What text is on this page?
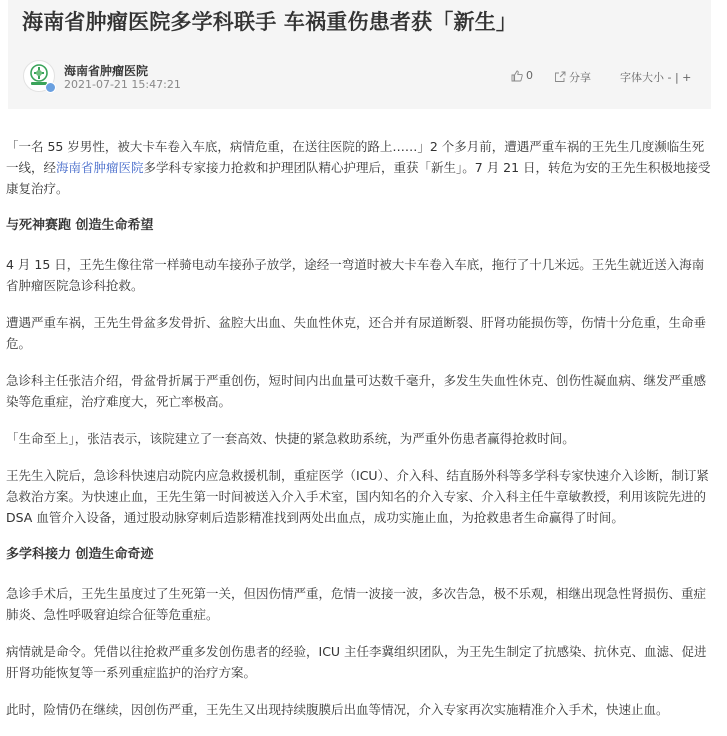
海南省肿瘤医院多学科联手 车祸重伤患者获「新生」
海南省肿瘤医院
2021-07-21 15:47:21
0	分享	字体大小 - | +

「一名 55 岁男性，被大卡车卷入车底，病情危重，在送往医院的路上……」2 个多月前，遭遇严重车祸的王先生几度濒临生死一线，经海南省肿瘤医院多学科专家接力抢救和护理团队精心护理后，重获「新生」。7 月 21 日，转危为安的王先生积极地接受康复治疗。

与死神赛跑 创造生命希望

4 月 15 日，王先生像往常一样骑电动车接孙子放学，途经一弯道时被大卡车卷入车底，拖行了十几米远。王先生就近送入海南省肿瘤医院急诊科抢救。

遭遇严重车祸，王先生骨盆多发骨折、盆腔大出血、失血性休克，还合并有尿道断裂、肝肾功能损伤等，伤情十分危重，生命垂危。

急诊科主任张洁介绍，骨盆骨折属于严重创伤，短时间内出血量可达数千毫升，多发生失血性休克、创伤性凝血病、继发严重感染等危重症，治疗难度大，死亡率极高。

「生命至上」，张洁表示，该院建立了一套高效、快捷的紧急救助系统，为严重外伤患者赢得抢救时间。

王先生入院后，急诊科快速启动院内应急救援机制，重症医学（ICU）、介入科、结直肠外科等多学科专家快速介入诊断，制订紧急救治方案。为快速止血，王先生第一时间被送入介入手术室，国内知名的介入专家、介入科主任牛章敏教授，利用该院先进的 DSA 血管介入设备，通过股动脉穿刺后造影精准找到两处出血点，成功实施止血，为抢救患者生命赢得了时间。

多学科接力 创造生命奇迹

急诊手术后，王先生虽度过了生死第一关，但因伤情严重，危情一波接一波，多次告急，极不乐观，相继出现急性肾损伤、重症肺炎、急性呼吸窘迫综合征等危重症。

病情就是命令。凭借以往抢救严重多发创伤患者的经验，ICU 主任李冀组织团队，为王先生制定了抗感染、抗休克、血滤、促进肝肾功能恢复等一系列重症监护的治疗方案。

此时，险情仍在继续，因创伤严重，王先生又出现持续腹膜后出血等情况，介入专家再次实施精准介入手术，快速止血。
